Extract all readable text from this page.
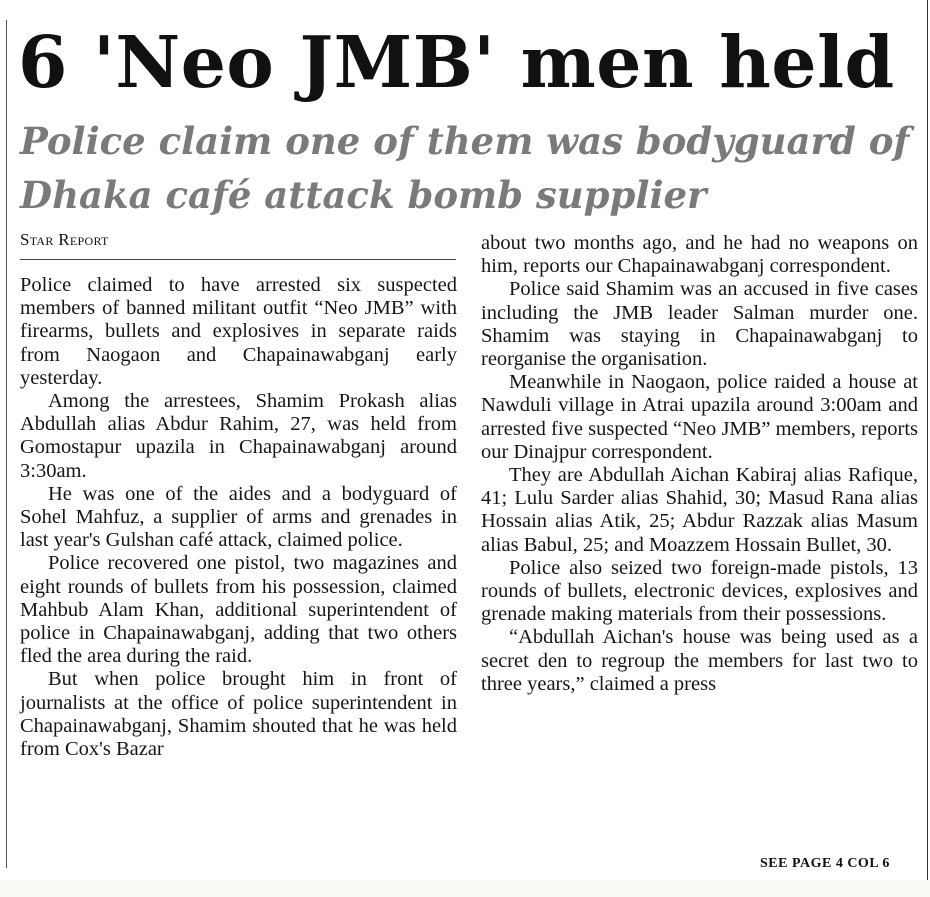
6 'Neo JMB' men held
Police claim one of them was bodyguard of Dhaka café attack bomb supplier
Star Report

Police claimed to have arrested six suspected members of banned militant outfit “Neo JMB” with firearms, bullets and explosives in separate raids from Naogaon and Chapainawabganj early yesterday.

Among the arrestees, Shamim Prokash alias Abdullah alias Abdur Rahim, 27, was held from Gomostapur upazila in Chapainawabganj around 3:30am.

He was one of the aides and a bodyguard of Sohel Mahfuz, a supplier of arms and grenades in last year's Gulshan café attack, claimed police.

Police recovered one pistol, two magazines and eight rounds of bullets from his possession, claimed Mahbub Alam Khan, additional superintendent of police in Chapainawabganj, adding that two others fled the area during the raid.

But when police brought him in front of journalists at the office of police superintendent in Chapainawabganj, Shamim shouted that he was held from Cox's Bazar

about two months ago, and he had no weapons on him, reports our Chapainawabganj correspondent.

Police said Shamim was an accused in five cases including the JMB leader Salman murder one. Shamim was staying in Chapainawabganj to reorganise the organisation.

Meanwhile in Naogaon, police raided a house at Nawduli village in Atrai upazila around 3:00am and arrested five suspected “Neo JMB” members, reports our Dinajpur correspondent.

They are Abdullah Aichan Kabiraj alias Rafique, 41; Lulu Sarder alias Shahid, 30; Masud Rana alias Hossain alias Atik, 25; Abdur Razzak alias Masum alias Babul, 25; and Moazzem Hossain Bullet, 30.

Police also seized two foreign-made pistols, 13 rounds of bullets, electronic devices, explosives and grenade making materials from their possessions.

“Abdullah Aichan's house was being used as a secret den to regroup the members for last two to three years,” claimed a press

SEE PAGE 4 COL 6
